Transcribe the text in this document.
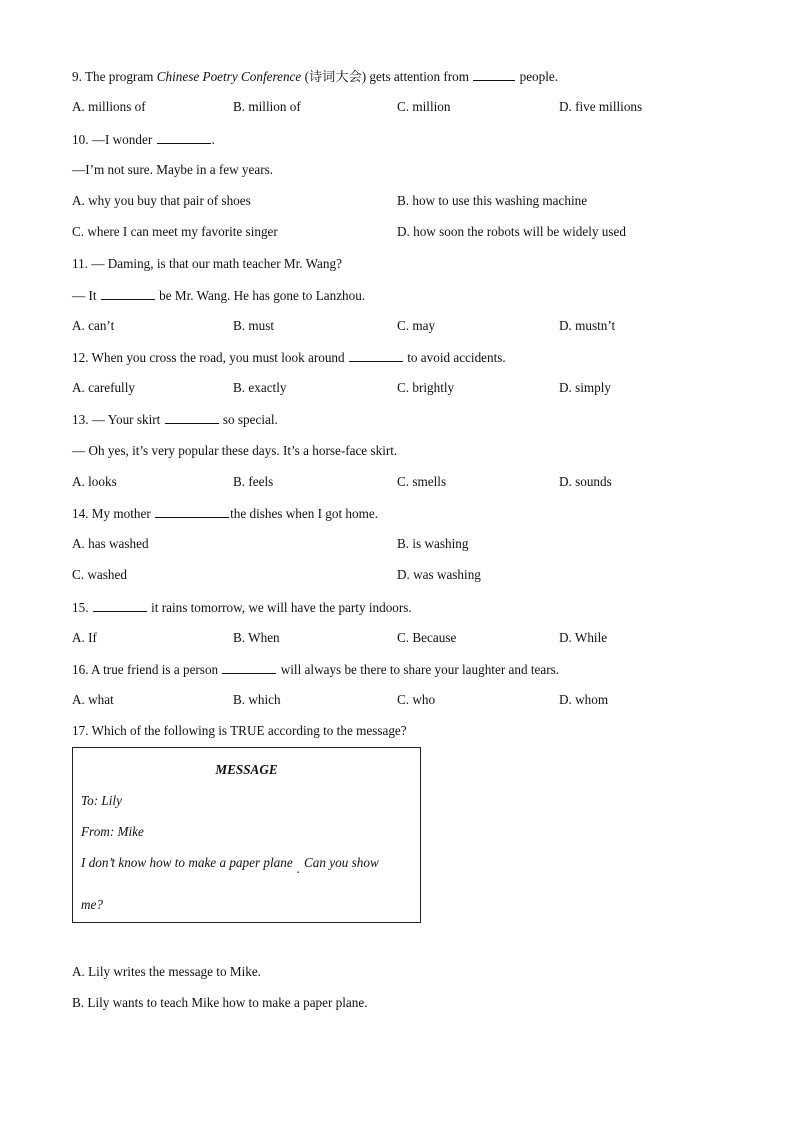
9. The program Chinese Poetry Conference (诗词大会) gets attention from	people.
A. millions of	B. million of	C. million	D. five millions
10. —I wonder	.
—I’m not sure. Maybe in a few years.
A. why you buy that pair of shoes	B. how to use this washing machine
C. where I can meet my favorite singer	D. how soon the robots will be widely used
11. — Daming, is that our math teacher Mr. Wang?
— It	be Mr. Wang. He has gone to Lanzhou.
A. can’t	B. must	C. may	D. mustn’t
12. When you cross the road, you must look around	to avoid accidents.
A. carefully	B. exactly	C. brightly	D. simply
13. — Your skirt	so special.
— Oh yes, it’s very popular these days. It’s a horse-face skirt.
A. looks	B. feels	C. smells	D. sounds
14. My mother	the dishes when I got home.
A. has washed	B. is washing
C. washed	D. was washing
15.	it rains tomorrow, we will have the party indoors.
A. If	B. When	C. Because	D. While
16. A true friend is a person	will always be there to share your laughter and tears.
A. what	B. which	C. who	D. whom
17. Which of the following is TRUE according to the message?
MESSAGE
To: Lily
From: Mike
I don’t know how to make a paper plane . Can you show
me?
A. Lily writes the message to Mike.
B. Lily wants to teach Mike how to make a paper plane.
